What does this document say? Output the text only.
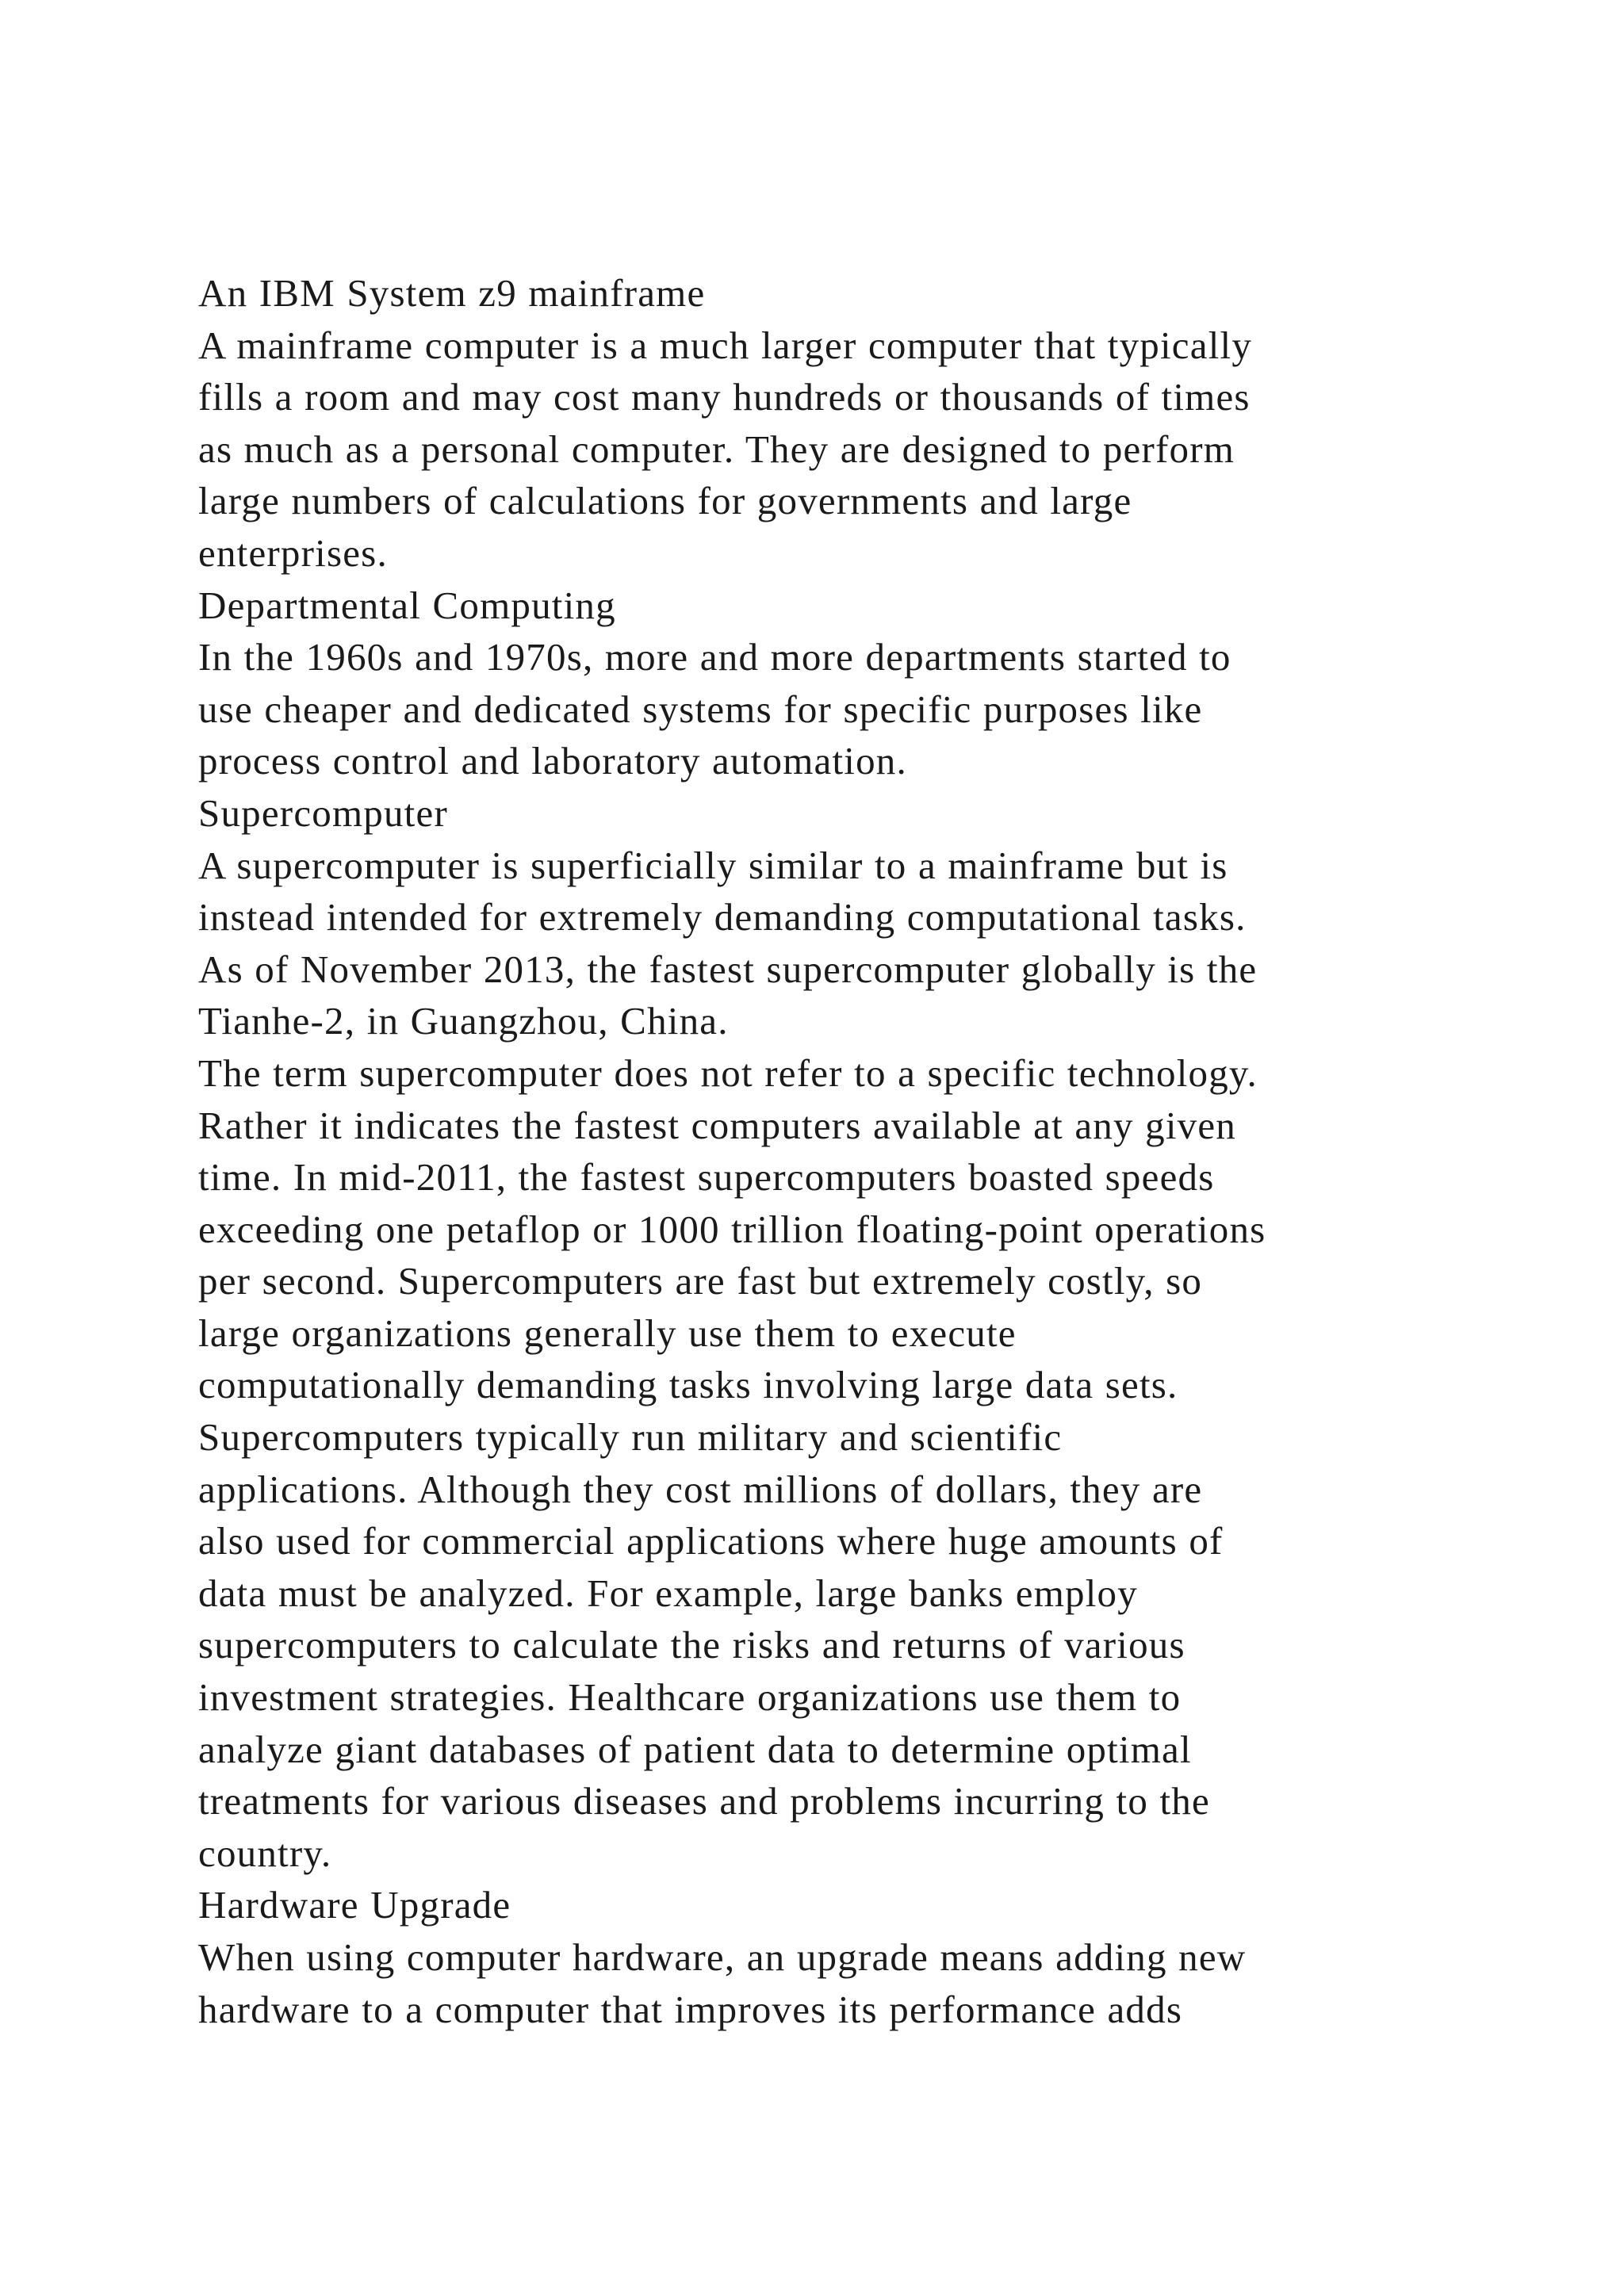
An IBM System z9 mainframe
A mainframe computer is a much larger computer that typically
fills a room and may cost many hundreds or thousands of times
as much as a personal computer. They are designed to perform
large numbers of calculations for governments and large
enterprises.
Departmental Computing
In the 1960s and 1970s, more and more departments started to
use cheaper and dedicated systems for specific purposes like
process control and laboratory automation.
Supercomputer
A supercomputer is superficially similar to a mainframe but is
instead intended for extremely demanding computational tasks.
As of November 2013, the fastest supercomputer globally is the
Tianhe-2, in Guangzhou, China.
The term supercomputer does not refer to a specific technology.
Rather it indicates the fastest computers available at any given
time. In mid-2011, the fastest supercomputers boasted speeds
exceeding one petaflop or 1000 trillion floating-point operations
per second. Supercomputers are fast but extremely costly, so
large organizations generally use them to execute
computationally demanding tasks involving large data sets.
Supercomputers typically run military and scientific
applications. Although they cost millions of dollars, they are
also used for commercial applications where huge amounts of
data must be analyzed. For example, large banks employ
supercomputers to calculate the risks and returns of various
investment strategies. Healthcare organizations use them to
analyze giant databases of patient data to determine optimal
treatments for various diseases and problems incurring to the
country.
Hardware Upgrade
When using computer hardware, an upgrade means adding new
hardware to a computer that improves its performance adds
